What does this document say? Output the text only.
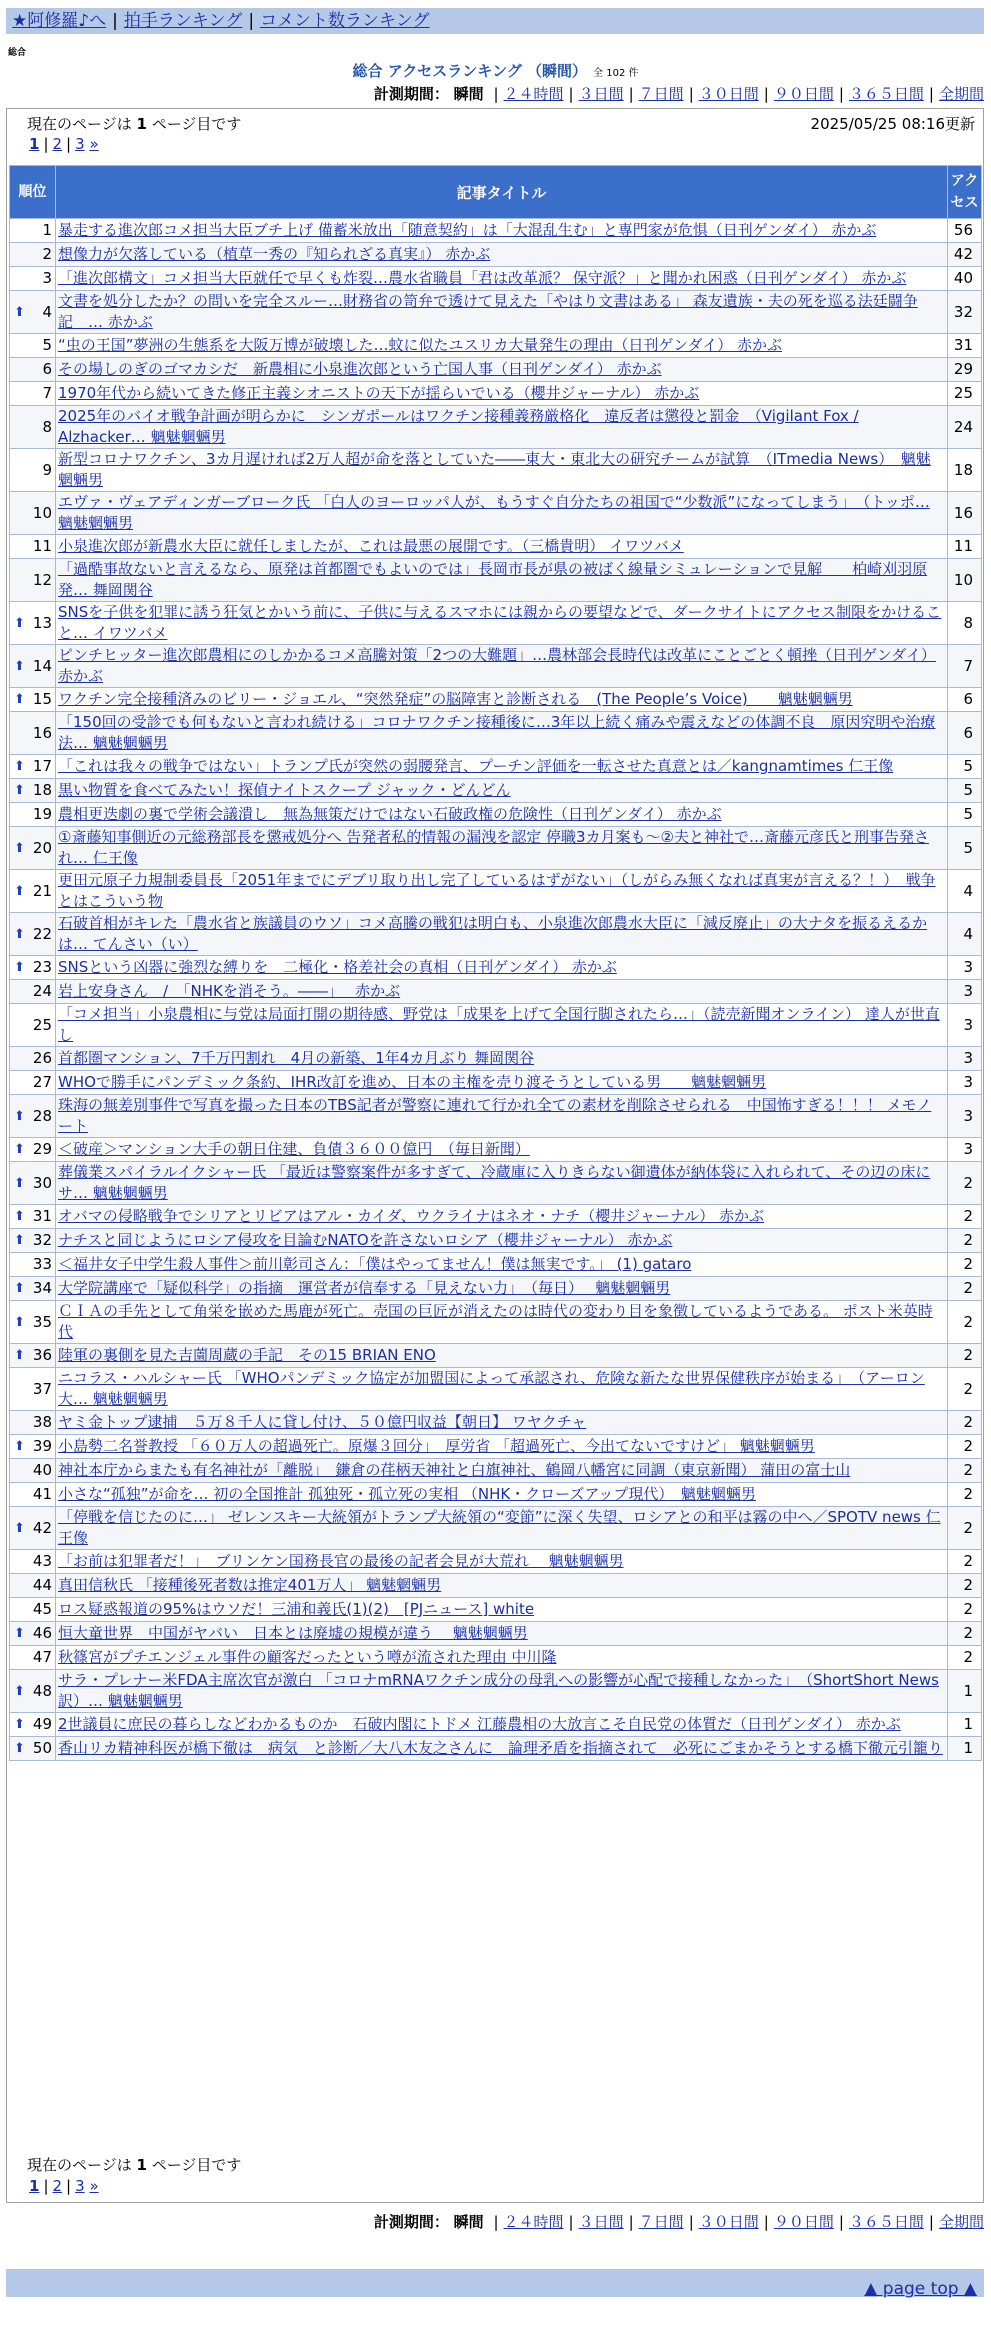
★阿修羅♪へ | 拍手ランキング | コメント数ランキング
総合
総合 アクセスランキング （瞬間） 全 102 件
計測期間： 瞬間 | ２４時間 | ３日間 | ７日間 | ３０日間 | ９０日間 | ３６５日間 | 全期間
現在のページは 1 ページ目です	2025/05/25 08:16更新
1 | 2 | 3 »
順位	記事タイトル	アクセス
1	暴走する進次郎コメ担当大臣ブチ上げ 備蓄米放出「随意契約」は「大混乱生む」と専門家が危惧（日刊ゲンダイ） 赤かぶ	56
2	想像力が欠落している（植草一秀の『知られざる真実』） 赤かぶ	42
3	「進次郎構文」コメ担当大臣就任で早くも炸裂…農水省職員「君は改革派？ 保守派？」と聞かれ困惑（日刊ゲンダイ） 赤かぶ	40

⬆ 4	文書を処分したか？の問いを完全スルー…財務省の笥弁で透けて見えた「やはり文書はある」 森友遺族・夫の死を巡る法廷闘争記　… 赤かぶ	32
5	“虫の王国”夢洲の生態系を大阪万博が破壊した…蚊に似たユスリカ大量発生の理由（日刊ゲンダイ） 赤かぶ	31
6	その場しのぎのゴマカシだ　新農相に小泉進次郎という亡国人事（日刊ゲンダイ） 赤かぶ	29
7	1970年代から続いてきた修正主義シオニストの天下が揺らいでいる（櫻井ジャーナル） 赤かぶ	25
8	2025年のバイオ戦争計画が明らかに　シンガポールはワクチン接種義務厳格化　違反者は懲役と罰金　（Vigilant Fox / Alzhacker… 魑魅魍魎男	24
9	新型コロナワクチン、3カ月遅ければ2万人超が命を落としていた――東大・東北大の研究チームが試算　（ITmedia News）　魑魅魍魎男	18
10	エヴァ・ヴェアディンガーブローク氏 「白人のヨーロッパ人が、もうすぐ自分たちの祖国で“少数派”になってしまう」　（トッポ… 魑魅魍魎男	16
11	小泉進次郎が新農水大臣に就任しましたが、これは最悪の展開です。（三橋貴明） イワツバメ	11
12	「過酷事故ないと言えるなら、原発は首都圏でもよいのでは」長岡市長が県の被ばく線量シミュレーションで見解　　柏崎刈羽原発… 舞岡関谷	10

⬆ 13	SNSを子供を犯罪に誘う狂気とかいう前に、子供に与えるスマホには親からの要望などで、ダークサイトにアクセス制限をかけること… イワツバメ	8

⬆ 14	ピンチヒッター進次郎農相にのしかかるコメ高騰対策「2つの大難題」…農林部会長時代は改革にことごとく頓挫（日刊ゲンダイ） 赤かぶ	7

⬆ 15	ワクチン完全接種済みのビリー・ジョエル、“突然発症”の脳障害と診断される　(The People’s Voice)　　魑魅魍魎男	6
16	「150回の受診でも何もないと言われ続ける」コロナワクチン接種後に…3年以上続く痛みや震えなどの体調不良　原因究明や治療法… 魑魅魍魎男	6

⬆ 17	「これは我々の戦争ではない」トランプ氏が突然の弱腰発言、プーチン評価を一転させた真意とは／kangnamtimes 仁王像	5

⬆ 18	黒い物質を食べてみたい！探偵ナイトスクープ ジャック・どんどん	5
19	農相更迭劇の裏で学術会議潰し　無為無策だけではない石破政権の危険性（日刊ゲンダイ） 赤かぶ	5

⬆ 20	①斎藤知事側近の元総務部長を懲戒処分へ 告発者私的情報の漏洩を認定 停職3カ月案も～②夫と神社で…斎藤元彦氏と刑事告発され… 仁王像	5

⬆ 21	更田元原子力規制委員長「2051年までにデブリ取り出し完了しているはずがない」（しがらみ無くなれば真実が言える？！）　戦争とはこういう物	4

⬆ 22	石破首相がキレた「農水省と族議員のウソ」コメ高騰の戦犯は明白も、小泉進次郎農水大臣に「減反廃止」の大ナタを振るえるかは… てんさい（い）	4

⬆ 23	SNSという凶器に強烈な縛りを　二極化・格差社会の真相（日刊ゲンダイ） 赤かぶ	3
24	岩上安身さん　/　「NHKを消そう。――」　 赤かぶ	3
25	「コメ担当」小泉農相に与党は局面打開の期待感、野党は「成果を上げて全国行脚されたら…」（読売新聞オンライン） 達人が世直し	3
26	首都圏マンション、7千万円割れ　4月の新築、1年4カ月ぶり 舞岡関谷	3
27	WHOで勝手にパンデミック条約、IHR改訂を進め、日本の主権を売り渡そうとしている男　　魑魅魍魎男	3

⬆ 28	珠海の無差別事件で写真を撮った日本のTBS記者が警察に連れて行かれ全ての素材を削除させられる　中国怖すぎる！！！ メモノート	3

⬆ 29	＜破産＞マンション大手の朝日住建、負債３６００億円　（毎日新聞）	3

⬆ 30	葬儀業スパイラルイクシャー氏 「最近は警察案件が多すぎて、冷蔵庫に入りきらない御遺体が納体袋に入れられて、その辺の床にサ… 魑魅魍魎男	2

⬆ 31	オバマの侵略戦争でシリアとリビアはアル・カイダ、ウクライナはネオ・ナチ（櫻井ジャーナル） 赤かぶ	2

⬆ 32	ナチスと同じようにロシア侵攻を目論むNATOを許さないロシア（櫻井ジャーナル） 赤かぶ	2
33	＜福井女子中学生殺人事件＞前川彰司さん：「僕はやってません！僕は無実です。」 (1) gataro	2

⬆ 34	大学院講座で「疑似科学」の指摘　運営者が信奉する「見えない力」　（毎日）　 魑魅魍魎男	2

⬆ 35	ＣＩＡの手先として角栄を嵌めた馬鹿が死亡。売国の巨匠が消えたのは時代の変わり目を象徴しているようである。 ポスト米英時代	2

⬆ 36	陸軍の裏側を見た吉薗周蔵の手記　その15 BRIAN ENO	2
37	ニコラス・ハルシャー氏 「WHOパンデミック協定が加盟国によって承認され、危険な新たな世界保健秩序が始まる」　（アーロン大… 魑魅魍魎男	2
38	ヤミ金トップ逮捕　５万８千人に貸し付け、５０億円収益【朝日】 ワヤクチャ	2

⬆ 39	小島勢二名誉教授 「６０万人の超過死亡。原爆３回分」　厚労省 「超過死亡、今出てないですけど」 魑魅魍魎男	2
40	神社本庁からまたも有名神社が「離脱」　鎌倉の荏柄天神社と白旗神社、鶴岡八幡宮に同調（東京新聞） 蒲田の富士山	2
41	小さな“孤独”が命を… 初の全国推計 孤独死・孤立死の実相 （NHK・クローズアップ現代）　魑魅魍魎男	2

⬆ 42	「停戦を信じたのに…」 ゼレンスキー大統領がトランプ大統領の“変節”に深く失望、ロシアとの和平は霧の中へ／SPOTV news 仁王像	2
43	「お前は犯罪者だ！」　ブリンケン国務長官の最後の記者会見が大荒れ　 魑魅魍魎男	2
44	真田信秋氏 「接種後死者数は推定401万人」 魑魅魍魎男	2
45	ロス疑惑報道の95%はウソだ！三浦和義氏(1)(2)　[PJニュース] white	2

⬆ 46	恒大童世界　中国がヤバい　日本とは廃墟の規模が違う　 魑魅魍魎男	2
47	秋篠宮がプチエンジェル事件の顧客だったという噂が流された理由 中川隆	2

⬆ 48	サラ・プレナー米FDA主席次官が激白 「コロナmRNAワクチン成分の母乳への影響が心配で接種しなかった」　（ShortShort News訳）… 魑魅魍魎男	1

⬆ 49	2世議員に庶民の暮らしなどわかるものか　石破内閣にトドメ 江藤農相の大放言こそ自民党の体質だ（日刊ゲンダイ） 赤かぶ	1

⬆ 50	香山リカ精神科医が橋下徹は　病気　と診断／大八木友之さんに　論理矛盾を指摘されて　必死にごまかそうとする橋下徹元引籠り	1
現在のページは 1 ページ目です
1 | 2 | 3 »
計測期間： 瞬間 | ２４時間 | ３日間 | ７日間 | ３０日間 | ９０日間 | ３６５日間 | 全期間
▲ page top ▲
